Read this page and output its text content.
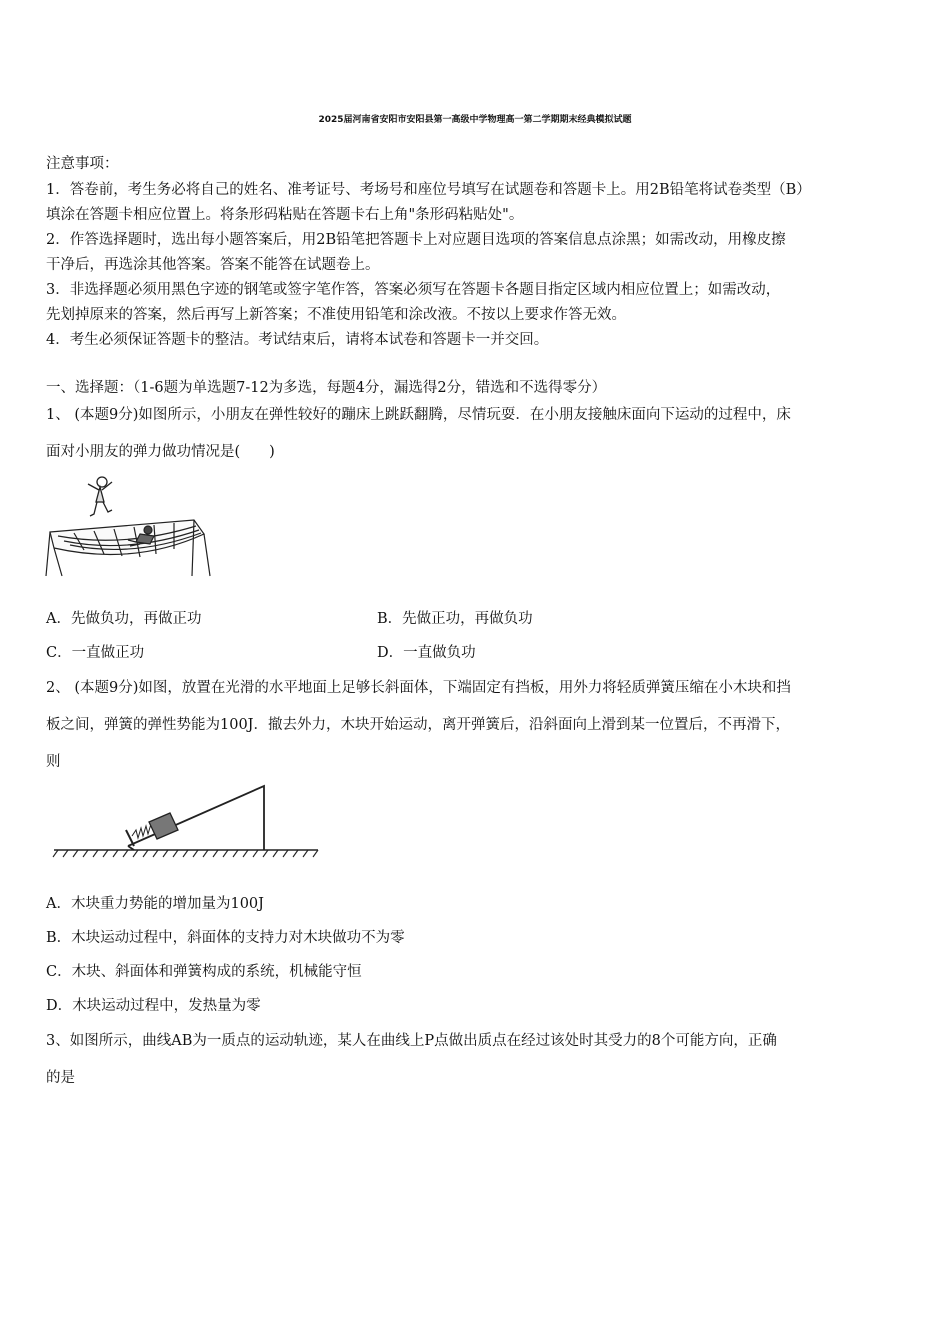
2025届河南省安阳市安阳县第一高级中学物理高一第二学期期末经典模拟试题
注意事项：
1．答卷前，考生务必将自己的姓名、准考证号、考场号和座位号填写在试题卷和答题卡上。用2B铅笔将试卷类型（B）
填涂在答题卡相应位置上。将条形码粘贴在答题卡右上角"条形码粘贴处"。
2．作答选择题时，选出每小题答案后，用2B铅笔把答题卡上对应题目选项的答案信息点涂黑；如需改动，用橡皮擦
干净后，再选涂其他答案。答案不能答在试题卷上。
3．非选择题必须用黑色字迹的钢笔或签字笔作答，答案必须写在答题卡各题目指定区域内相应位置上；如需改动，
先划掉原来的答案，然后再写上新答案；不准使用铅笔和涂改液。不按以上要求作答无效。
4．考生必须保证答题卡的整洁。考试结束后，请将本试卷和答题卡一并交回。
一、选择题：（1-6题为单选题7-12为多选，每题4分，漏选得2分，错选和不选得零分）
1、 (本题9分)如图所示，小朋友在弹性较好的蹦床上跳跃翻腾，尽情玩耍．在小朋友接触床面向下运动的过程中，床
面对小朋友的弹力做功情况是(　　)
A．先做负功，再做正功	B．先做正功，再做负功
C．一直做正功	D．一直做负功
2、 (本题9分)如图，放置在光滑的水平地面上足够长斜面体，下端固定有挡板，用外力将轻质弹簧压缩在小木块和挡
板之间，弹簧的弹性势能为100J．撤去外力，木块开始运动，离开弹簧后，沿斜面向上滑到某一位置后，不再滑下，
则
A．木块重力势能的增加量为100J
B．木块运动过程中，斜面体的支持力对木块做功不为零
C．木块、斜面体和弹簧构成的系统，机械能守恒
D．木块运动过程中，发热量为零
3、如图所示，曲线AB为一质点的运动轨迹，某人在曲线上P点做出质点在经过该处时其受力的8个可能方向，正确
的是
